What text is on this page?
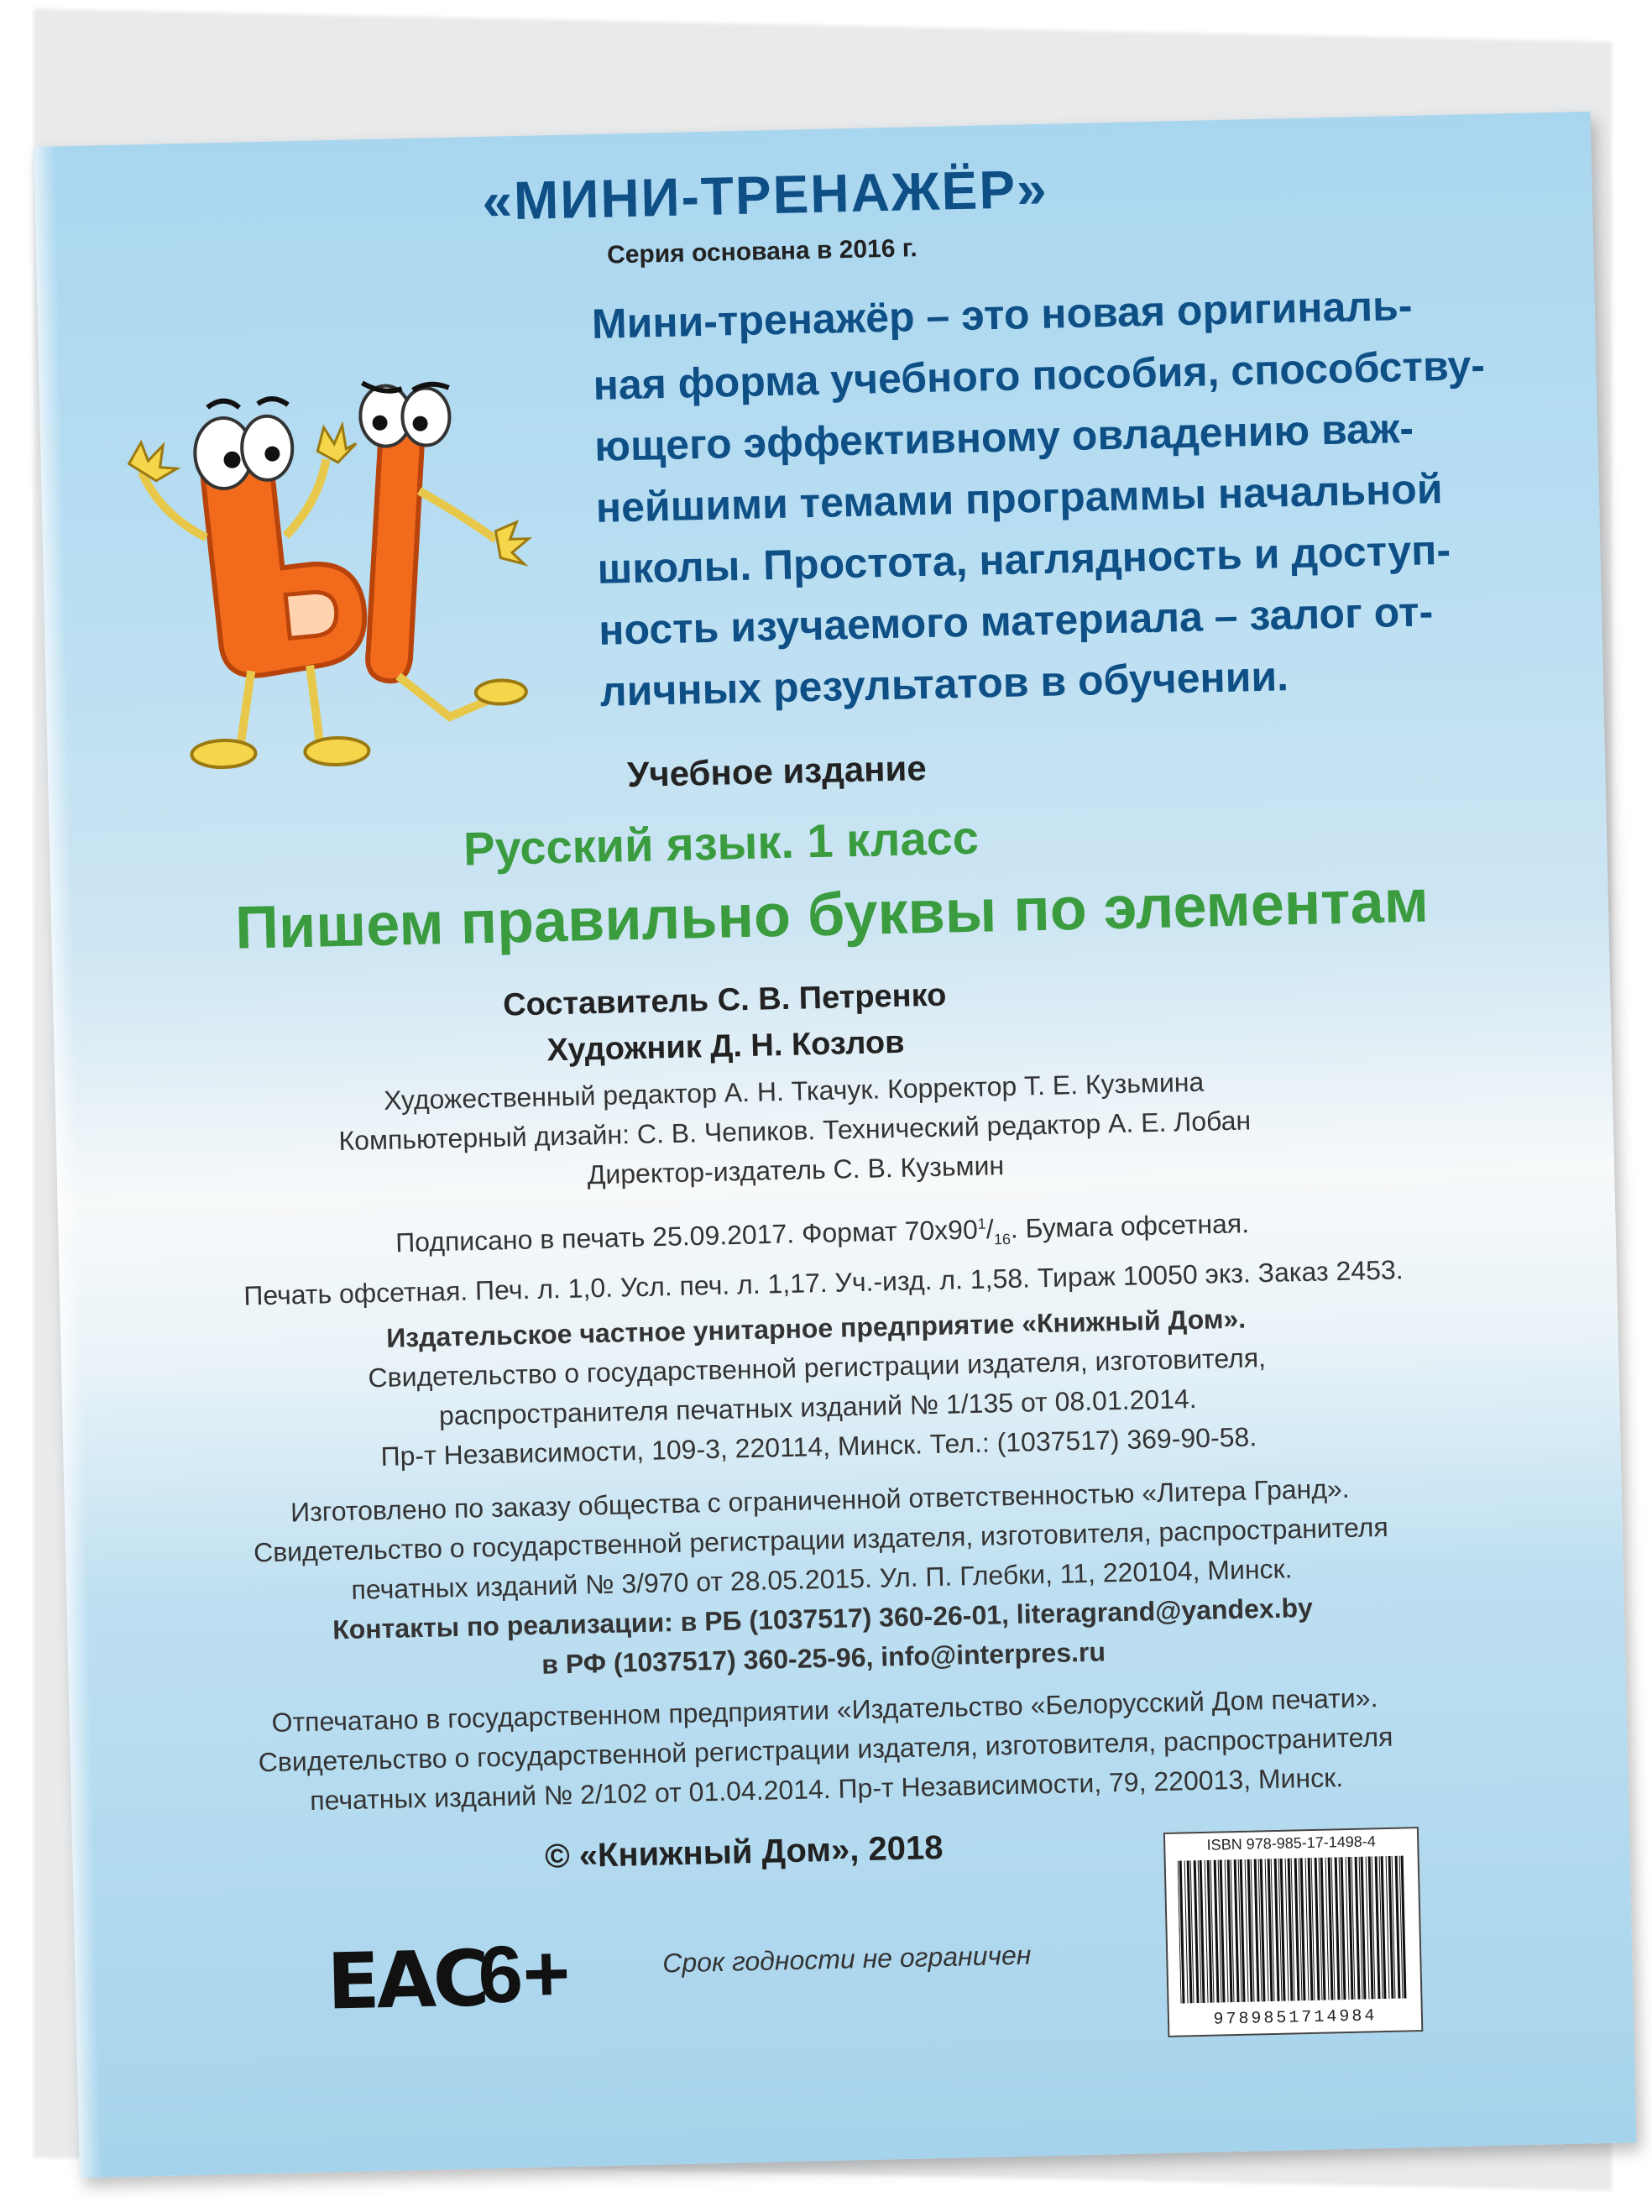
«МИНИ-ТРЕНАЖЁР»
Серия основана в 2016 г.
Мини-тренажёр – это новая оригиналь-
ная форма учебного пособия, способству-
ющего эффективному овладению важ-
нейшими темами программы начальной
школы. Простота, наглядность и доступ-
ность изучаемого материала – залог от-
личных результатов в обучении.
Учебное издание
Русский язык. 1 класс
Пишем правильно буквы по элементам
Составитель С. В. Петренко
Художник Д. Н. Козлов
Художественный редактор А. Н. Ткачук. Корректор Т. Е. Кузьмина
Компьютерный дизайн: С. В. Чепиков. Технический редактор А. Е. Лобан
Директор-издатель С. В. Кузьмин
Подписано в печать 25.09.2017. Формат $70х90^1/_{16}$. Бумага офсетная.
Печать офсетная. Печ. л. 1,0. Усл. печ. л. 1,17. Уч.-изд. л. 1,58. Тираж 10050 экз. Заказ 2453.
Издательское частное унитарное предприятие «Книжный Дом».
Свидетельство о государственной регистрации издателя, изготовителя,
распространителя печатных изданий № 1/135 от 08.01.2014.
Пр-т Независимости, 109-3, 220114, Минск. Тел.: (1037517) 369-90-58.
Изготовлено по заказу общества с ограниченной ответственностью «Литера Гранд».
Свидетельство о государственной регистрации издателя, изготовителя, распространителя
печатных изданий № 3/970 от 28.05.2015. Ул. П. Глебки, 11, 220104, Минск.
Контакты по реализации: в РБ (1037517) 360-26-01, literagrand@yandex.by
в РФ (1037517) 360-25-96, info@interpres.ru
Отпечатано в государственном предприятии «Издательство «Белорусский Дом печати».
Свидетельство о государственной регистрации издателя, изготовителя, распространителя
печатных изданий № 2/102 от 01.04.2014. Пр-т Независимости, 79, 220013, Минск.
© «Книжный Дом», 2018
ЕАС
6+	Срок годности не ограничен
ISBN 978-985-17-1498-4
9789851714984
